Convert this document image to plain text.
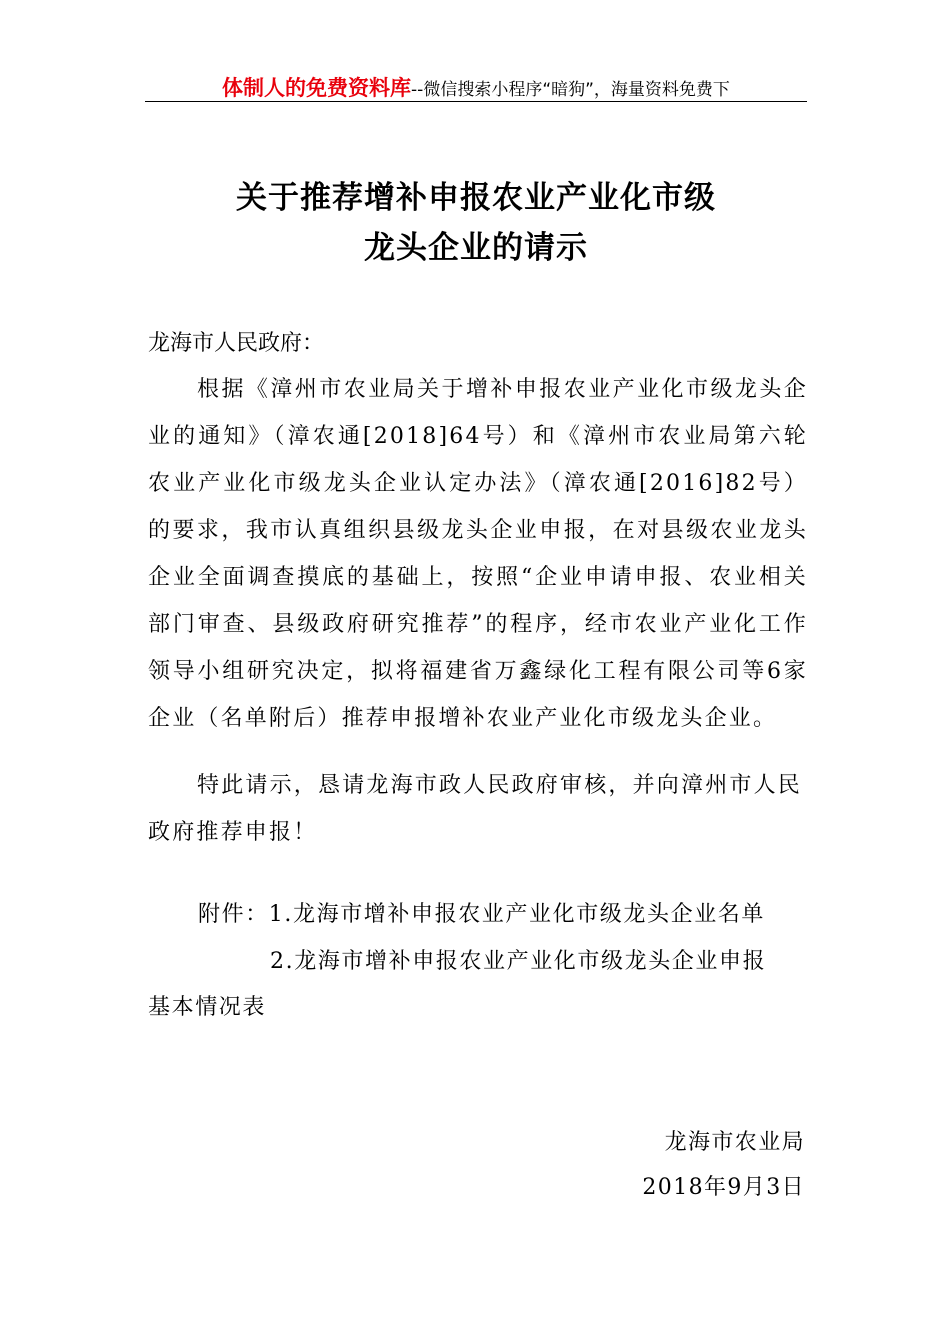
体制人的免费资料库--微信搜索小程序“暗狗”，海量资料免费下
关于推荐增补申报农业产业化市级
龙头企业的请示
龙海市人民政府：
根据《漳州市农业局关于增补申报农业产业化市级龙头企业的通知》（漳农通[2018]64号）和《漳州市农业局第六轮农业产业化市级龙头企业认定办法》（漳农通[2016]82号）的要求，我市认真组织县级龙头企业申报，在对县级农业龙头企业全面调查摸底的基础上，按照“企业申请申报、农业相关部门审查、县级政府研究推荐”的程序，经市农业产业化工作领导小组研究决定，拟将福建省万鑫绿化工程有限公司等6家企业（名单附后）推荐申报增补农业产业化市级龙头企业。
特此请示，恳请龙海市政人民政府审核，并向漳州市人民政府推荐申报！
附件：1.龙海市增补申报农业产业化市级龙头企业名单
2.龙海市增补申报农业产业化市级龙头企业申报
基本情况表
龙海市农业局
2018年9月3日
